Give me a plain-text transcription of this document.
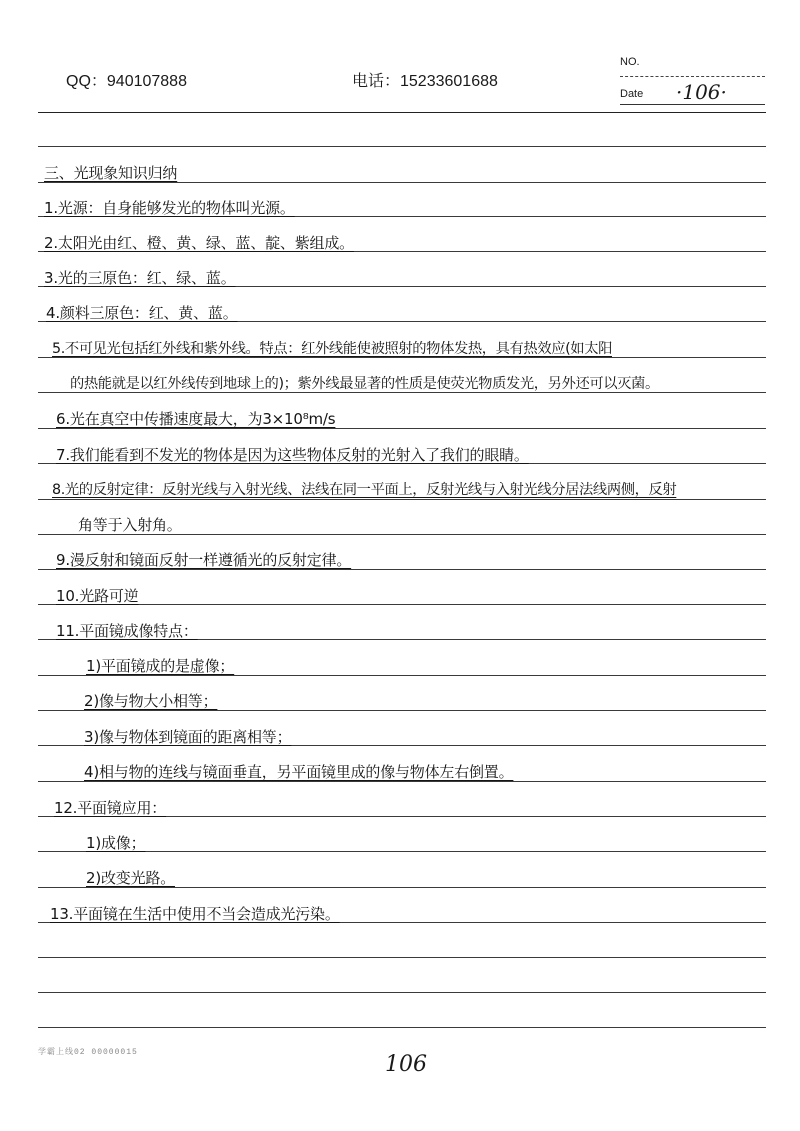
QQ：940107888	电话：15233601688
NO.
Date ·106·
三、光现象知识归纳
1.光源：自身能够发光的物体叫光源。
2.太阳光由红、橙、黄、绿、蓝、靛、紫组成。
3.光的三原色：红、绿、蓝。
4.颜料三原色：红、黄、蓝。
5.不可见光包括红外线和紫外线。特点：红外线能使被照射的物体发热，具有热效应(如太阳
的热能就是以红外线传到地球上的)；紫外线最显著的性质是使荧光物质发光，另外还可以灭菌。
6.光在真空中传播速度最大，为3×10⁸m/s
7.我们能看到不发光的物体是因为这些物体反射的光射入了我们的眼睛。
8.光的反射定律：反射光线与入射光线、法线在同一平面上，反射光线与入射光线分居法线两侧，反射
角等于入射角。
9.漫反射和镜面反射一样遵循光的反射定律。
10.光路可逆
11.平面镜成像特点：
1)平面镜成的是虚像；
2)像与物大小相等；
3)像与物体到镜面的距离相等；
4)相与物的连线与镜面垂直，另平面镜里成的像与物体左右倒置。
12.平面镜应用：
1)成像；
2)改变光路。
13.平面镜在生活中使用不当会造成光污染。
学霸上线02 00000015	106
